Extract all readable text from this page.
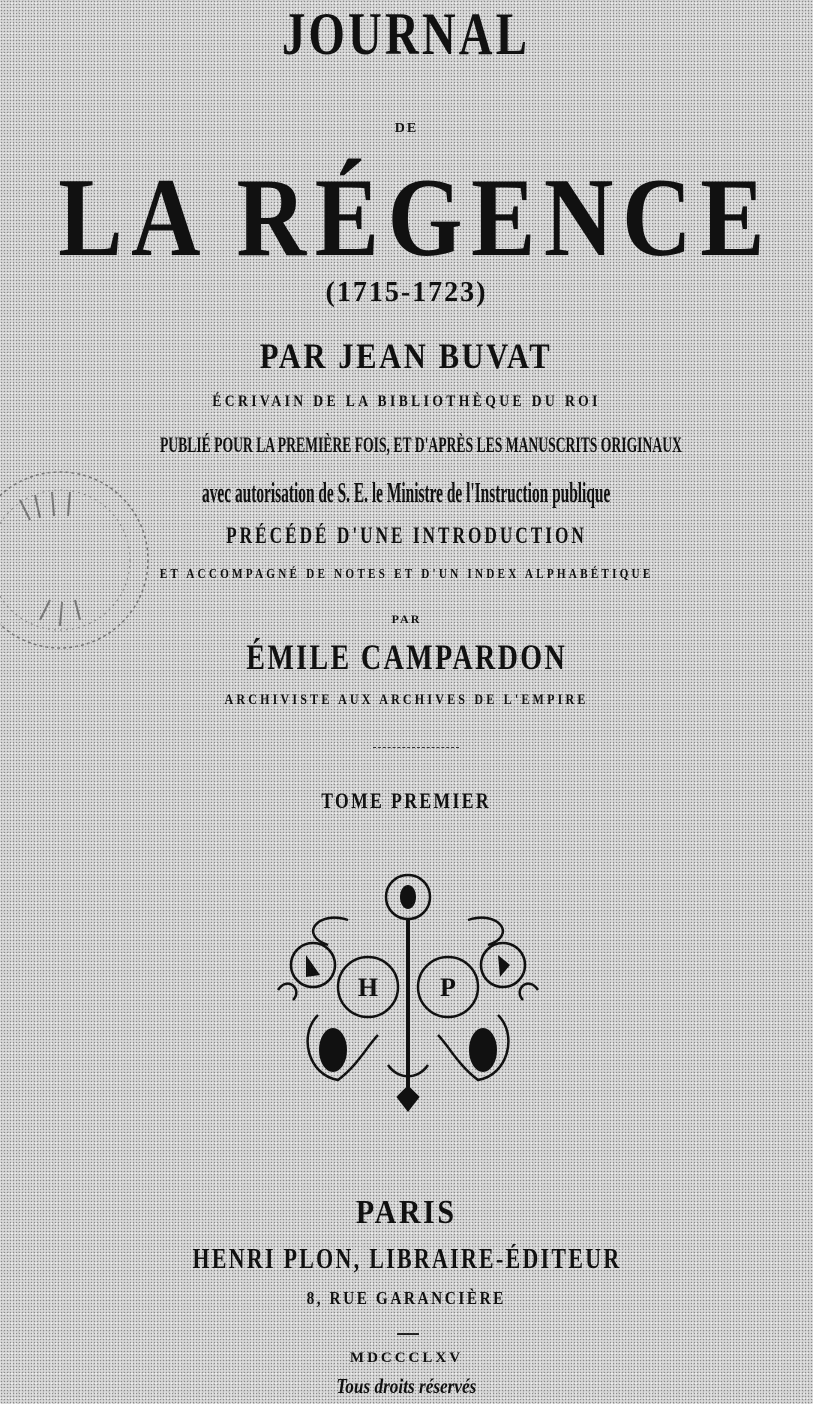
JOURNAL
DE
LA RÉGENCE
(1715-1723)
PAR JEAN BUVAT
ÉCRIVAIN DE LA BIBLIOTHÈQUE DU ROI
PUBLIÉ POUR LA PREMIÈRE FOIS, ET D'APRÈS LES MANUSCRITS ORIGINAUX
avec autorisation de S. E. le Ministre de l'Instruction publique
PRÉCÉDÉ D'UNE INTRODUCTION
ET ACCOMPAGNÉ DE NOTES ET D'UN INDEX ALPHABÉTIQUE
PAR
ÉMILE CAMPARDON
ARCHIVISTE AUX ARCHIVES DE L'EMPIRE
TOME PREMIER
H P
PARIS
HENRI PLON, LIBRAIRE-ÉDITEUR
8, RUE GARANCIÈRE
MDCCCLXV
Tous droits réservés
